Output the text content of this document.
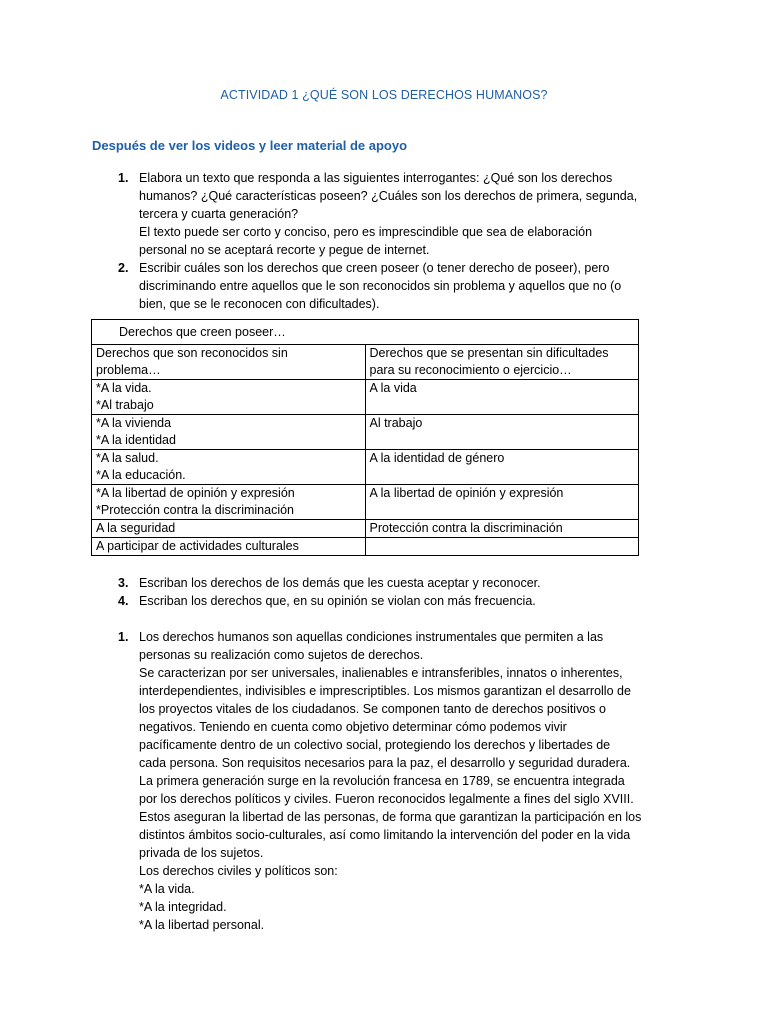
ACTIVIDAD 1 ¿QUÉ SON LOS DERECHOS HUMANOS?
Después de ver los videos y leer material de apoyo
1. Elabora un texto que responda a las siguientes interrogantes: ¿Qué son los derechos

humanos? ¿Qué características poseen? ¿Cuáles son los derechos de primera, segunda,

tercera y cuarta generación?

El texto puede ser corto y conciso, pero es imprescindible que sea de elaboración

personal no se aceptará recorte y pegue de internet.

2. Escribir cuáles son los derechos que creen poseer (o tener derecho de poseer), pero

discriminando entre aquellos que le son reconocidos sin problema y aquellos que no (o

bien, que se le reconocen con dificultades).

Derechos que creen poseer…	

Derechos que son reconocidos sin
problema…	Derechos que se presentan sin dificultades
para su reconocimiento o ejercicio…

*A la vida.
*Al trabajo	A la vida

*A la vivienda
*A la identidad	Al trabajo

*A la salud.
*A la educación.	A la identidad de género

*A la libertad de opinión y expresión
*Protección contra la discriminación	A la libertad de opinión y expresión

A la seguridad	Protección contra la discriminación

A participar de actividades culturales	

3. Escriban los derechos de los demás que les cuesta aceptar y reconocer.

4. Escriban los derechos que, en su opinión se violan con más frecuencia.

1. Los derechos humanos son aquellas condiciones instrumentales que permiten a las

personas su realización como sujetos de derechos.

Se caracterizan por ser universales, inalienables e intransferibles, innatos o inherentes,

interdependientes, indivisibles e imprescriptibles. Los mismos garantizan el desarrollo de

los proyectos vitales de los ciudadanos. Se componen tanto de derechos positivos o

negativos. Teniendo en cuenta como objetivo determinar cómo podemos vivir

pacíficamente dentro de un colectivo social, protegiendo los derechos y libertades de

cada persona. Son requisitos necesarios para la paz, el desarrollo y seguridad duradera.

La primera generación surge en la revolución francesa en 1789, se encuentra integrada

por los derechos políticos y civiles. Fueron reconocidos legalmente a fines del siglo XVIII.

Estos aseguran la libertad de las personas, de forma que garantizan la participación en los

distintos ámbitos socio-culturales, así como limitando la intervención del poder en la vida

privada de los sujetos.

Los derechos civiles y políticos son:

*A la vida.

*A la integridad.

*A la libertad personal.
